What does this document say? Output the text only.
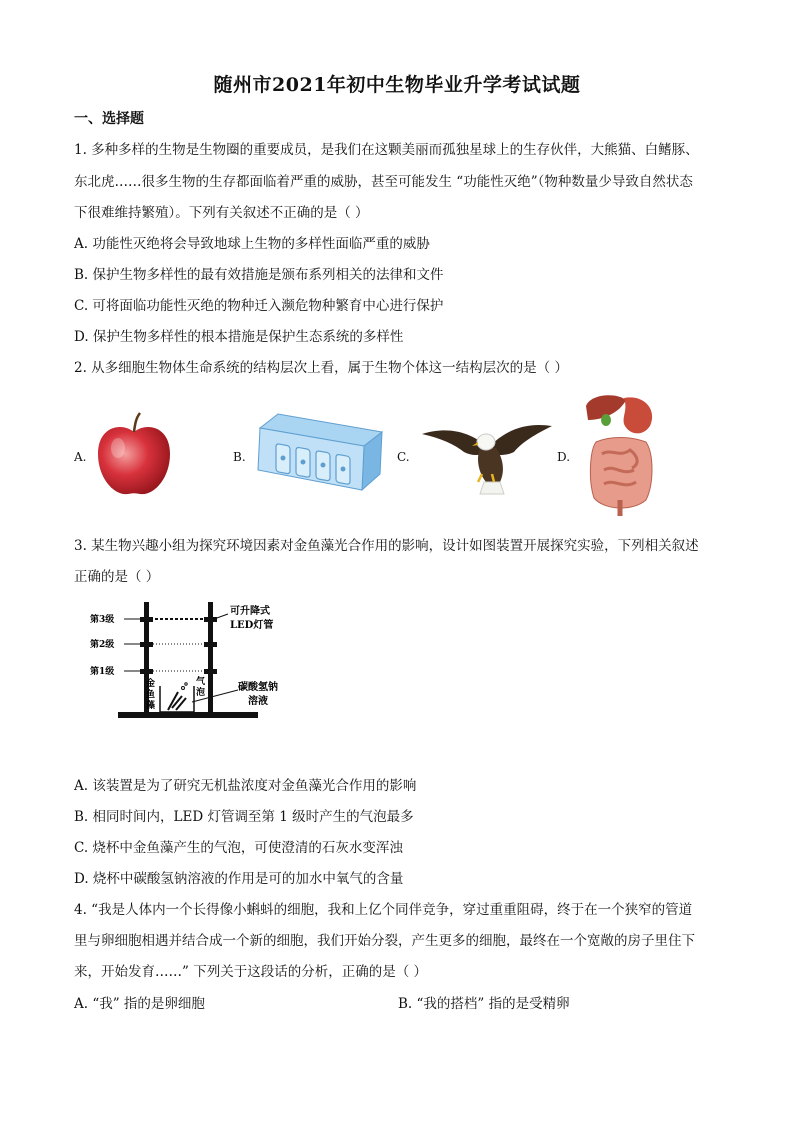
随州市2021年初中生物毕业升学考试试题
一、选择题
1. 多种多样的生物是生物圈的重要成员，是我们在这颗美丽而孤独星球上的生存伙伴，大熊猫、白鳍豚、
东北虎……很多生物的生存都面临着严重的威胁，甚至可能发生 “功能性灭绝”（物种数量少导致自然状态
下很难维持繁殖）。下列有关叙述不正确的是（ ）
A. 功能性灭绝将会导致地球上生物的多样性面临严重的威胁
B. 保护生物多样性的最有效措施是颁布系列相关的法律和文件
C. 可将面临功能性灭绝的物种迁入濒危物种繁育中心进行保护
D. 保护生物多样性的根本措施是保护生态系统的多样性
2. 从多细胞生物体生命系统的结构层次上看，属于生物个体这一结构层次的是（ ）
A.	B.	C.	D.
3. 某生物兴趣小组为探究环境因素对金鱼藻光合作用的影响，设计如图装置开展探究实验，下列相关叙述
正确的是（ ）
第3级
第2级
第1级
可升降式
LED灯管
金
鱼
藻
气
泡	碳酸氢钠
溶液
A. 该装置是为了研究无机盐浓度对金鱼藻光合作用的影响
B. 相同时间内，LED 灯管调至第 1 级时产生的气泡最多
C. 烧杯中金鱼藻产生的气泡，可使澄清的石灰水变浑浊
D. 烧杯中碳酸氢钠溶液的作用是可的加水中氧气的含量
4. “我是人体内一个长得像小蝌蚪的细胞，我和上亿个同伴竞争，穿过重重阻碍，终于在一个狭窄的管道
里与卵细胞相遇并结合成一个新的细胞，我们开始分裂，产生更多的细胞，最终在一个宽敞的房子里住下
来，开始发育……” 下列关于这段话的分析，正确的是（ ）
A. “我” 指的是卵细胞	B. “我的搭档” 指的是受精卵
